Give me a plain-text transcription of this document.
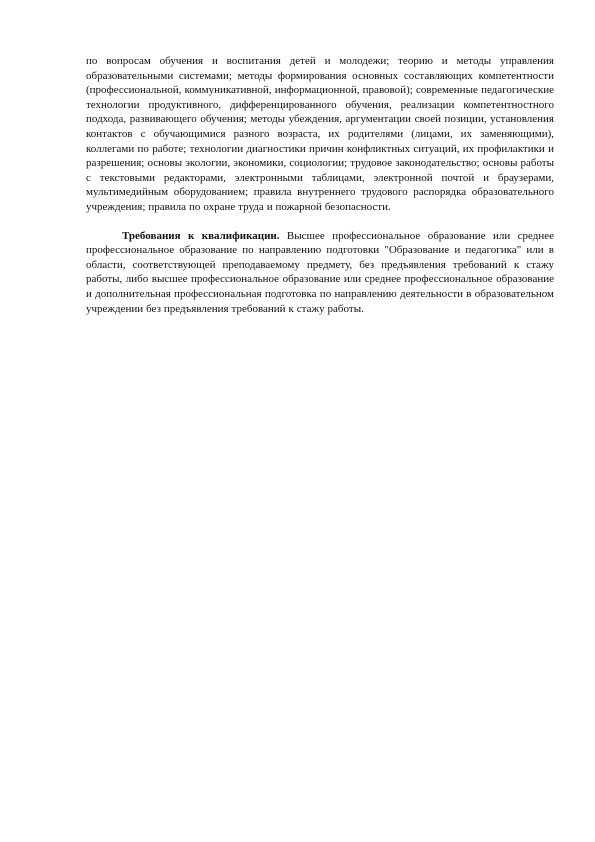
по вопросам обучения и воспитания детей и молодежи; теорию и методы управления образовательными системами; методы формирования основных составляющих компетентности (профессиональной, коммуникативной, информационной, правовой); современные педагогические технологии продуктивного, дифференцированного обучения, реализации компетентностного подхода, развивающего обучения; методы убеждения, аргументации своей позиции, установления контактов с обучающимися разного возраста, их родителями (лицами, их заменяющими), коллегами по работе; технологии диагностики причин конфликтных ситуаций, их профилактики и разрешения; основы экологии, экономики, социологии; трудовое законодательство; основы работы с текстовыми редакторами, электронными таблицами, электронной почтой и браузерами, мультимедийным оборудованием; правила внутреннего трудового распорядка образовательного учреждения; правила по охране труда и пожарной безопасности.

Требования к квалификации. Высшее профессиональное образование или среднее профессиональное образование по направлению подготовки "Образование и педагогика" или в области, соответствующей преподаваемому предмету, без предъявления требований к стажу работы, либо высшее профессиональное образование или среднее профессиональное образование и дополнительная профессиональная подготовка по направлению деятельности в образовательном учреждении без предъявления требований к стажу работы.
